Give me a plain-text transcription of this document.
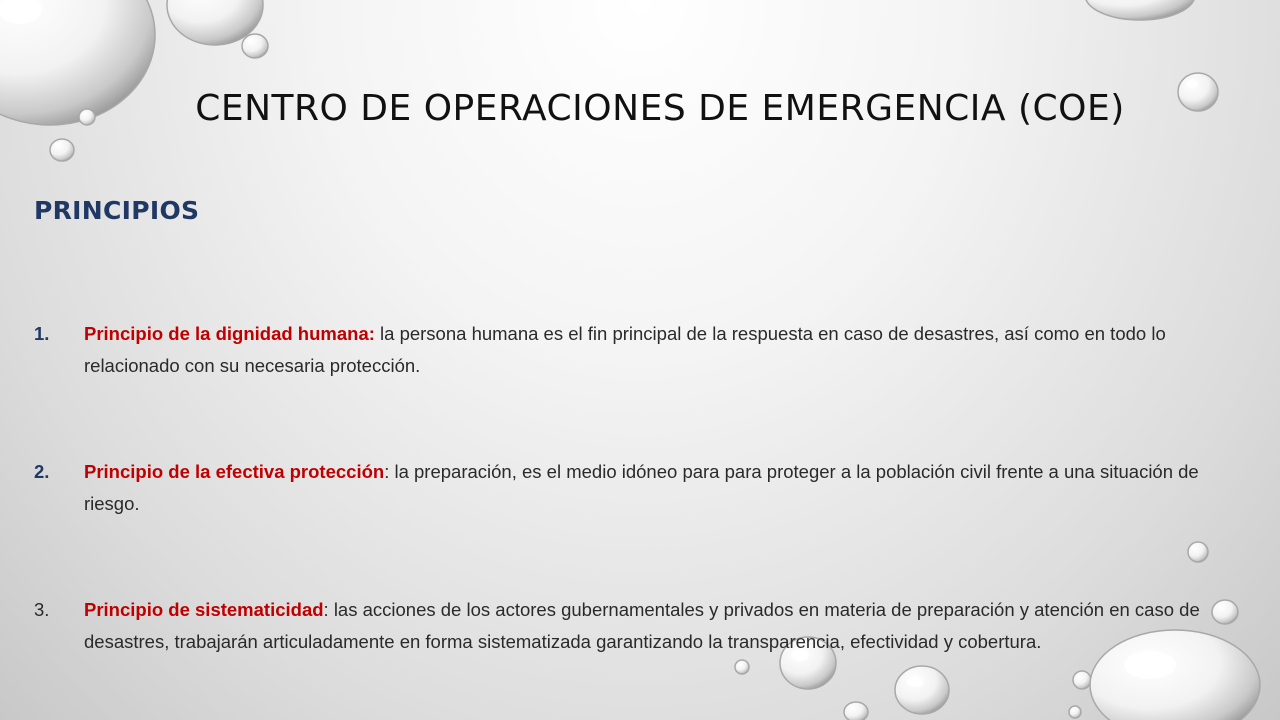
CENTRO DE OPERACIONES DE EMERGENCIA (COE)
PRINCIPIOS
1. Principio de la dignidad humana: la persona humana es el fin principal de la respuesta en caso de desastres, así como en todo lo relacionado con su necesaria protección.
2. Principio de la efectiva protección: la preparación, es el medio idóneo para para proteger a la población civil frente a una situación de riesgo.
3. Principio de sistematicidad: las acciones de los actores gubernamentales y privados en materia de preparación y atención en caso de desastres, trabajarán articuladamente en forma sistematizada garantizando la transparencia, efectividad y cobertura.
